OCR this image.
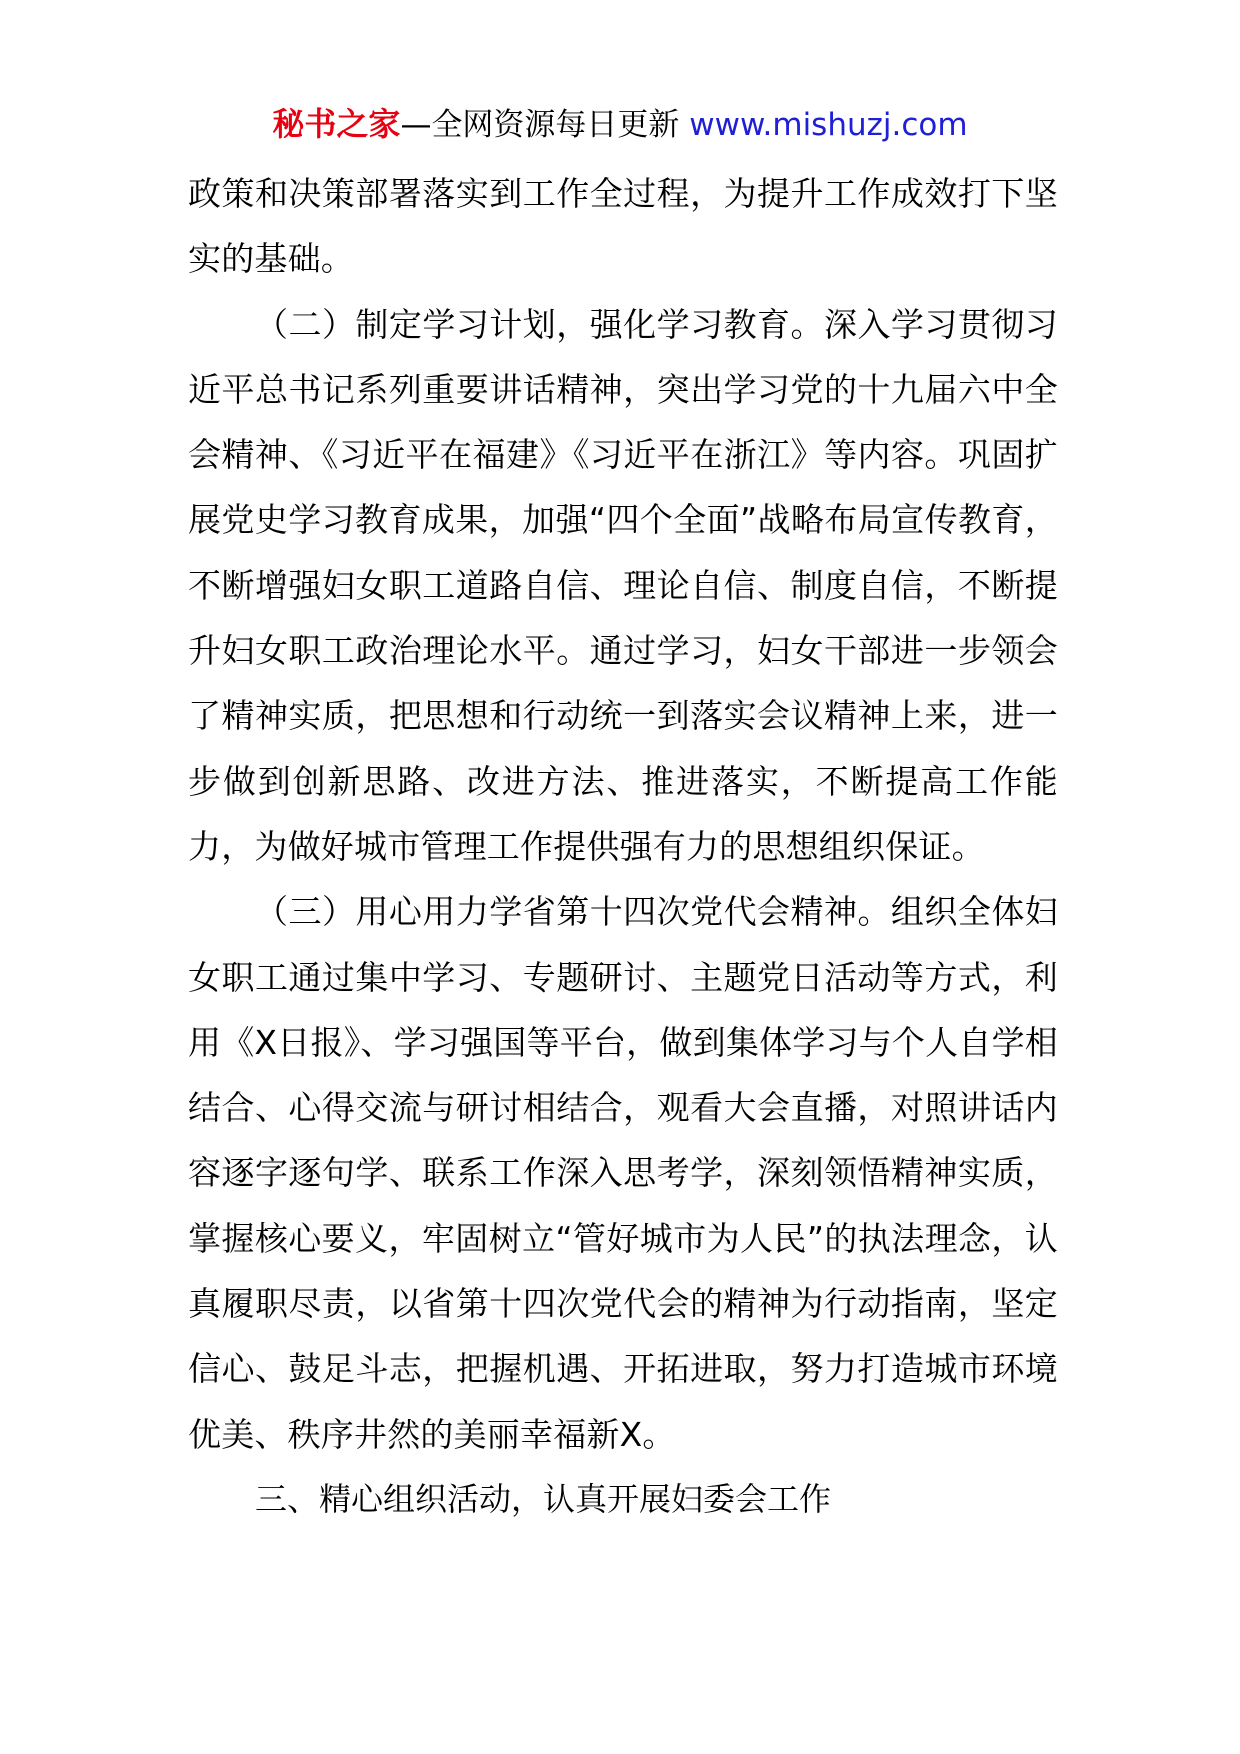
秘书之家—全网资源每日更新 www.mishuzj.com

政策和决策部署落实到工作全过程，为提升工作成效打下坚实的基础。

（二）制定学习计划，强化学习教育。深入学习贯彻习近平总书记系列重要讲话精神，突出学习党的十九届六中全会精神、《习近平在福建》《习近平在浙江》等内容。巩固扩展党史学习教育成果，加强“四个全面”战略布局宣传教育，不断增强妇女职工道路自信、理论自信、制度自信，不断提升妇女职工政治理论水平。通过学习，妇女干部进一步领会了精神实质，把思想和行动统一到落实会议精神上来，进一步做到创新思路、改进方法、推进落实，不断提高工作能力，为做好城市管理工作提供强有力的思想组织保证。

（三）用心用力学省第十四次党代会精神。组织全体妇女职工通过集中学习、专题研讨、主题党日活动等方式，利用《X日报》、学习强国等平台，做到集体学习与个人自学相结合、心得交流与研讨相结合，观看大会直播，对照讲话内容逐字逐句学、联系工作深入思考学，深刻领悟精神实质，掌握核心要义，牢固树立“管好城市为人民”的执法理念，认真履职尽责，以省第十四次党代会的精神为行动指南，坚定信心、鼓足斗志，把握机遇、开拓进取，努力打造城市环境优美、秩序井然的美丽幸福新X。

三、精心组织活动，认真开展妇委会工作
